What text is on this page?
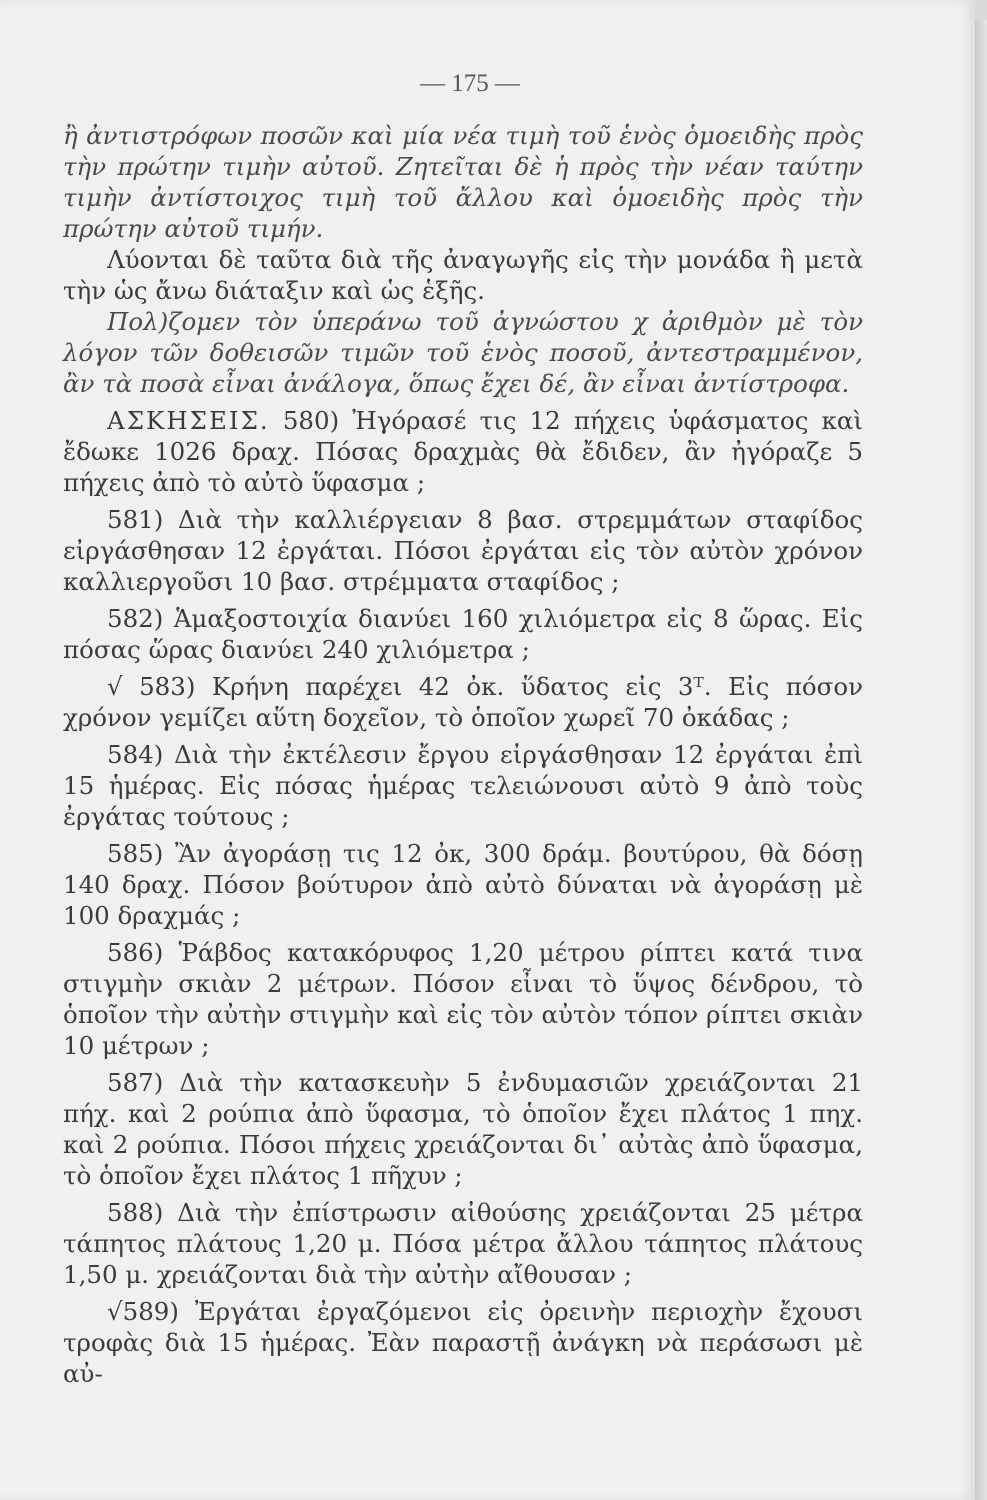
— 175 —

ἢ ἀντιστρόφων ποσῶν καὶ μία νέα τιμὴ τοῦ ἑνὸς ὁμοειδὴς πρὸς τὴν πρώτην τιμὴν αὐτοῦ. Ζητεῖται δὲ ἡ πρὸς τὴν νέαν ταύτην τιμὴν ἀντίστοιχος τιμὴ τοῦ ἄλλου καὶ ὁμοειδὴς πρὸς τὴν πρώτην αὐτοῦ τιμήν.

Λύονται δὲ ταῦτα διὰ τῆς ἀναγωγῆς εἰς τὴν μονάδα ἢ μετὰ τὴν ὡς ἄνω διάταξιν καὶ ὡς ἑξῆς.

Πολ)ζομεν τὸν ὑπεράνω τοῦ ἀγνώστου χ ἀριθμὸν μὲ τὸν λόγον τῶν δοθεισῶν τιμῶν τοῦ ἑνὸς ποσοῦ, ἀντεστραμμένον, ἂν τὰ ποσὰ εἶναι ἀνάλογα, ὅπως ἔχει δέ, ἂν εἶναι ἀντίστροφα.

ΑΣΚΗΣΕΙΣ. 580) Ἠγόρασέ τις 12 πήχεις ὑφάσματος καὶ ἔδωκε 1026 δραχ. Πόσας δραχμὰς θὰ ἔδιδεν, ἂν ἠγόραζε 5 πήχεις ἀπὸ τὸ αὐτὸ ὕφασμα ;

581) Διὰ τὴν καλλιέργειαν 8 βασ. στρεμμάτων σταφίδος εἰργάσθησαν 12 ἐργάται. Πόσοι ἐργάται εἰς τὸν αὐτὸν χρόνον καλλιεργοῦσι 10 βασ. στρέμματα σταφίδος ;

582) Ἁμαξοστοιχία διανύει 160 χιλιόμετρα εἰς 8 ὥρας. Εἰς πόσας ὥρας διανύει 240 χιλιόμετρα ;

√ 583) Κρήνη παρέχει 42 ὀκ. ὕδατος εἰς 3ᵀ. Εἰς πόσον χρόνον γεμίζει αὕτη δοχεῖον, τὸ ὁποῖον χωρεῖ 70 ὀκάδας ;

584) Διὰ τὴν ἐκτέλεσιν ἔργου εἰργάσθησαν 12 ἐργάται ἐπὶ 15 ἡμέρας. Εἰς πόσας ἡμέρας τελειώνουσι αὐτὸ 9 ἀπὸ τοὺς ἐργάτας τούτους ;

585) Ἂν ἀγοράσῃ τις 12 ὀκ, 300 δράμ. βουτύρου, θὰ δόσῃ 140 δραχ. Πόσον βούτυρον ἀπὸ αὐτὸ δύναται νὰ ἀγοράσῃ μὲ 100 δραχμάς ;

586) Ῥάβδος κατακόρυφος 1,20 μέτρου ρίπτει κατά τινα στιγμὴν σκιὰν 2 μέτρων. Πόσον εἶναι τὸ ὕψος δένδρου, τὸ ὁποῖον τὴν αὐτὴν στιγμὴν καὶ εἰς τὸν αὐτὸν τόπον ρίπτει σκιὰν 10 μέτρων ;

587) Διὰ τὴν κατασκευὴν 5 ἐνδυμασιῶν χρειάζονται 21 πήχ. καὶ 2 ρούπια ἀπὸ ὕφασμα, τὸ ὁποῖον ἔχει πλάτος 1 πηχ. καὶ 2 ρούπια. Πόσοι πήχεις χρειάζονται δι᾿ αὐτὰς ἀπὸ ὕφασμα, τὸ ὁποῖον ἔχει πλάτος 1 πῆχυν ;

588) Διὰ τὴν ἐπίστρωσιν αἰθούσης χρειάζονται 25 μέτρα τάπητος πλάτους 1,20 μ. Πόσα μέτρα ἄλλου τάπητος πλάτους 1,50 μ. χρειάζονται διὰ τὴν αὐτὴν αἴθουσαν ;

√589) Ἐργάται ἐργαζόμενοι εἰς ὀρεινὴν περιοχὴν ἔχουσι τροφὰς διὰ 15 ἡμέρας. Ἐὰν παραστῇ ἀνάγκη νὰ περάσωσι μὲ αὐ-
